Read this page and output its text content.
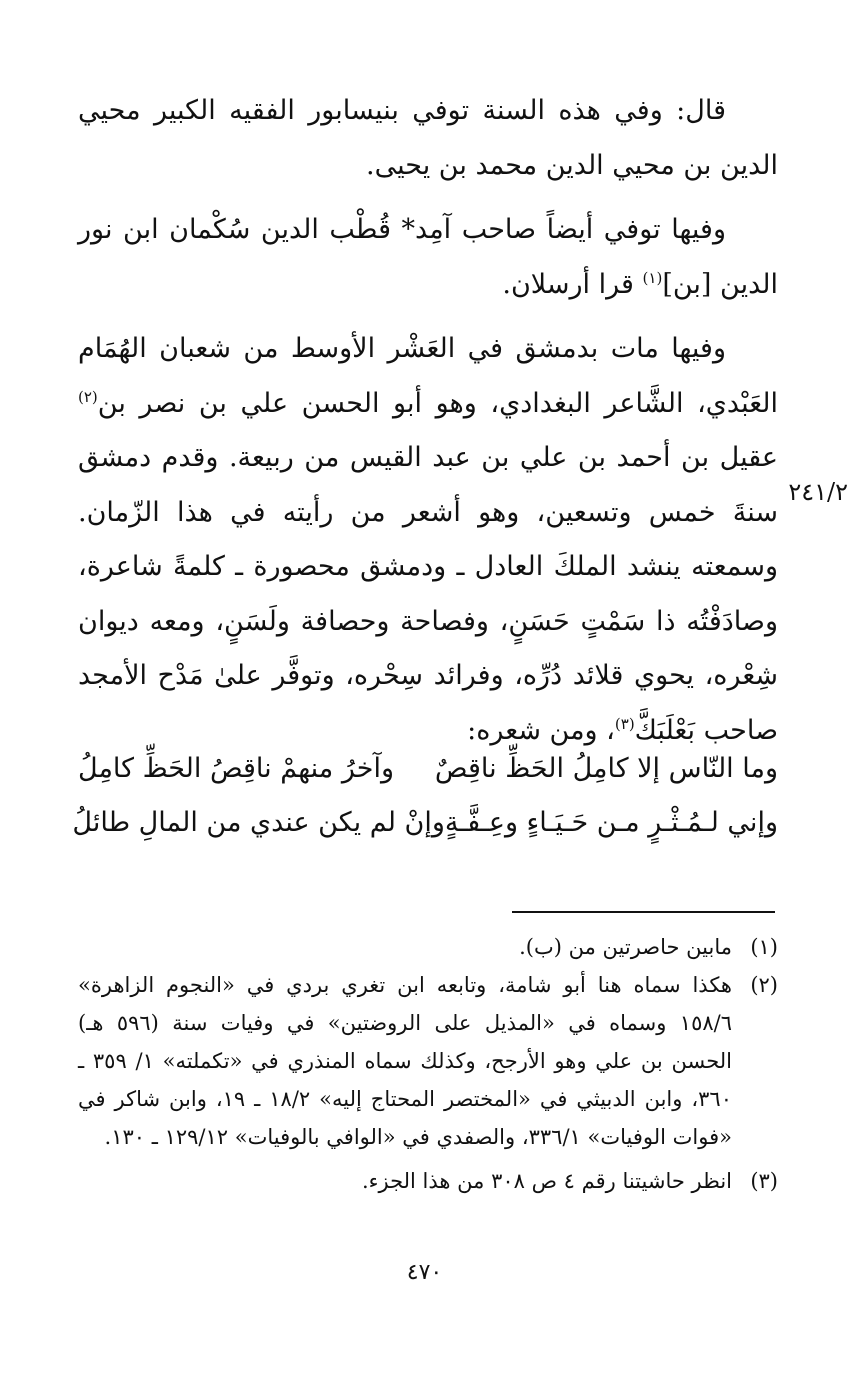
قال: وفي هذه السنة توفي بنيسابور الفقيه الكبير محيي الدين بن محيي الدين محمد بن يحيى.

وفيها توفي أيضاً صاحب آمِد* قُطْب الدين سُكْمان ابن نور الدين [بن]$^{(١)}$ قرا أرسلان.

وفيها مات بدمشق في العَشْر الأوسط من شعبان الهُمَام العَبْدي، الشَّاعر البغدادي، وهو أبو الحسن علي بن نصر بن$^{(٢)}$ عقيل بن أحمد بن علي بن عبد القيس من ربيعة. وقدم دمشق سنةَ خمس وتسعين، وهو أشعر من رأيته في هذا الزّمان. وسمعته ينشد الملكَ العادل ـ ودمشق محصورة ـ كلمةً شاعرة، وصادَفْتُه ذا سَمْتٍ حَسَنٍ، وفصاحة وحصافة ولَسَنٍ، ومعه ديوان شِعْره، يحوي قلائد دُرِّه، وفرائد سِحْره، وتوفَّر علىٰ مَدْح الأمجد صاحب بَعْلَبَكَّ$^{(٣)}$، ومن شعره:

٢٤١/٢
وما النّاس إلا كامِلُ الحَظِّ ناقِصٌ
وآخرُ منهمْ ناقِصُ الحَظِّ كامِلُ
وإني لـمُـثْـرٍ مـن حَـيَـاءٍ وعِـفَّـةٍ
وإنْ لم يكن عندي من المالِ طائلُ
(١)
مابين حاصرتين من (ب).
(٢)
هكذا سماه هنا أبو شامة، وتابعه ابن تغري بردي في «النجوم الزاهرة» ١٥٨/٦ وسماه في «المذيل على الروضتين» في وفيات سنة (٥٩٦ هـ) الحسن بن علي وهو الأرجح، وكذلك سماه المنذري في «تكملته» ١/ ٣٥٩ ـ ٣٦٠، وابن الدبيثي في «المختصر المحتاج إليه» ١٨/٢ ـ ١٩، وابن شاكر في «فوات الوفيات» ٣٣٦/١، والصفدي في «الوافي بالوفيات» ١٢٩/١٢ ـ ١٣٠.
(٣)
انظر حاشيتنا رقم ٤ ص ٣٠٨ من هذا الجزء.
٤٧٠
